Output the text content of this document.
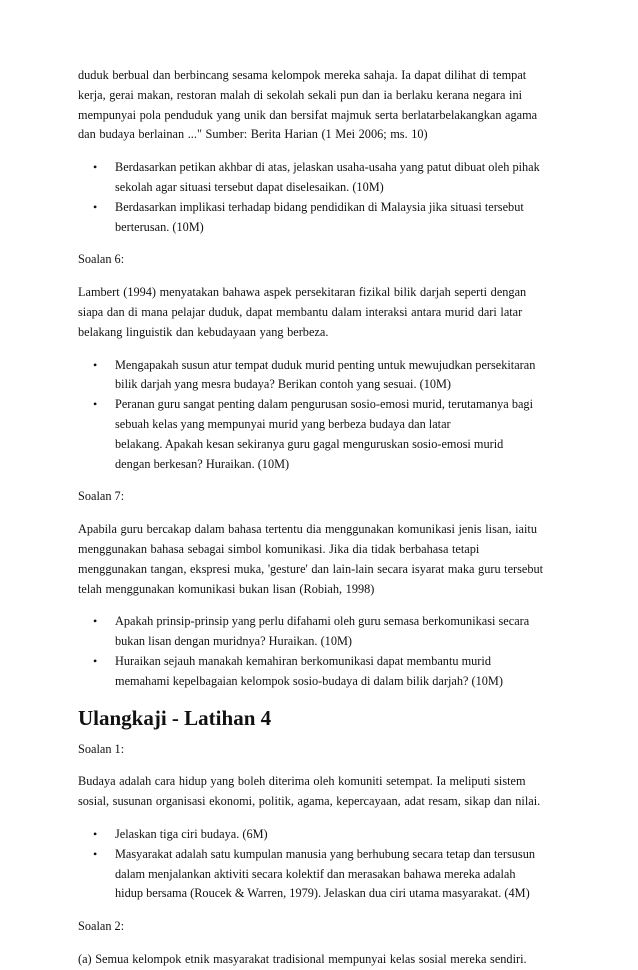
duduk berbual dan berbincang sesama kelompok mereka sahaja. Ia dapat dilihat di tempat

kerja, gerai makan, restoran malah di sekolah sekali pun dan ia berlaku kerana negara ini

mempunyai pola penduduk yang unik dan bersifat majmuk serta berlatarbelakangkan agama

dan budaya berlainan ..." Sumber: Berita Harian (1 Mei 2006; ms. 10)

• Berdasarkan petikan akhbar di atas, jelaskan usaha-usaha yang patut dibuat oleh pihak

sekolah agar situasi tersebut dapat diselesaikan. (10M)

• Berdasarkan implikasi terhadap bidang pendidikan di Malaysia jika situasi tersebut

berterusan. (10M)

Soalan 6:

Lambert (1994) menyatakan bahawa aspek persekitaran fizikal bilik darjah seperti dengan

siapa dan di mana pelajar duduk, dapat membantu dalam interaksi antara murid dari latar

belakang linguistik dan kebudayaan yang berbeza.

• Mengapakah susun atur tempat duduk murid penting untuk mewujudkan persekitaran

bilik darjah yang mesra budaya? Berikan contoh yang sesuai. (10M)

• Peranan guru sangat penting dalam pengurusan sosio-emosi murid, terutamanya bagi

sebuah kelas yang mempunyai murid yang berbeza budaya dan latar

belakang. Apakah kesan sekiranya guru gagal menguruskan sosio-emosi murid

dengan berkesan? Huraikan. (10M)

Soalan 7:

Apabila guru bercakap dalam bahasa tertentu dia menggunakan komunikasi jenis lisan, iaitu

menggunakan bahasa sebagai simbol komunikasi. Jika dia tidak berbahasa tetapi

menggunakan tangan, ekspresi muka, 'gesture' dan lain-lain secara isyarat maka guru tersebut

telah menggunakan komunikasi bukan lisan (Robiah, 1998)

• Apakah prinsip-prinsip yang perlu difahami oleh guru semasa berkomunikasi secara

bukan lisan dengan muridnya? Huraikan. (10M)

• Huraikan sejauh manakah kemahiran berkomunikasi dapat membantu murid

memahami kepelbagaian kelompok sosio-budaya di dalam bilik darjah? (10M)

Ulangkaji - Latihan 4

Soalan 1:

Budaya adalah cara hidup yang boleh diterima oleh komuniti setempat. Ia meliputi sistem

sosial, susunan organisasi ekonomi, politik, agama, kepercayaan, adat resam, sikap dan nilai.

• Jelaskan tiga ciri budaya. (6M)

• Masyarakat adalah satu kumpulan manusia yang berhubung secara tetap dan tersusun

dalam menjalankan aktiviti secara kolektif dan merasakan bahawa mereka adalah

hidup bersama (Roucek & Warren, 1979). Jelaskan dua ciri utama masyarakat. (4M)

Soalan 2:

(a) Semua kelompok etnik masyarakat tradisional mempunyai kelas sosial mereka sendiri.
